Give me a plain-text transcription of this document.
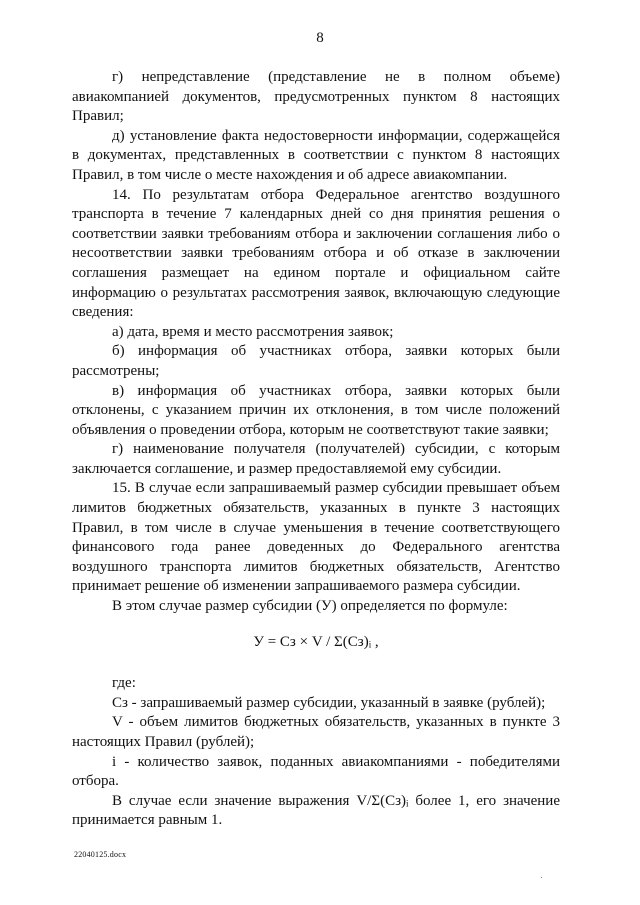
8

г) непредставление (представление не в полном объеме) авиакомпанией документов, предусмотренных пунктом 8 настоящих Правил;

д) установление факта недостоверности информации, содержащейся в документах, представленных в соответствии с пунктом 8 настоящих Правил, в том числе о месте нахождения и об адресе авиакомпании.

14. По результатам отбора Федеральное агентство воздушного транспорта в течение 7 календарных дней со дня принятия решения о соответствии заявки требованиям отбора и заключении соглашения либо о несоответствии заявки требованиям отбора и об отказе в заключении соглашения размещает на едином портале и официальном сайте информацию о результатах рассмотрения заявок, включающую следующие сведения:

а) дата, время и место рассмотрения заявок;

б) информация об участниках отбора, заявки которых были рассмотрены;

в) информация об участниках отбора, заявки которых были отклонены, с указанием причин их отклонения, в том числе положений объявления о проведении отбора, которым не соответствуют такие заявки;

г) наименование получателя (получателей) субсидии, с которым заключается соглашение, и размер предоставляемой ему субсидии.

15. В случае если запрашиваемый размер субсидии превышает объем лимитов бюджетных обязательств, указанных в пункте 3 настоящих Правил, в том числе в случае уменьшения в течение соответствующего финансового года ранее доведенных до Федерального агентства воздушного транспорта лимитов бюджетных обязательств, Агентство принимает решение об изменении запрашиваемого размера субсидии.

В этом случае размер субсидии (У) определяется по формуле:

У = Сз × V / Σ(Сз)ᵢ ,

где:

Сз - запрашиваемый размер субсидии, указанный в заявке (рублей);

V - объем лимитов бюджетных обязательств, указанных в пункте 3 настоящих Правил (рублей);

i - количество заявок, поданных авиакомпаниями - победителями отбора.

В случае если значение выражения V/Σ(Сз)ᵢ более 1, его значение принимается равным 1.

22040125.docx
